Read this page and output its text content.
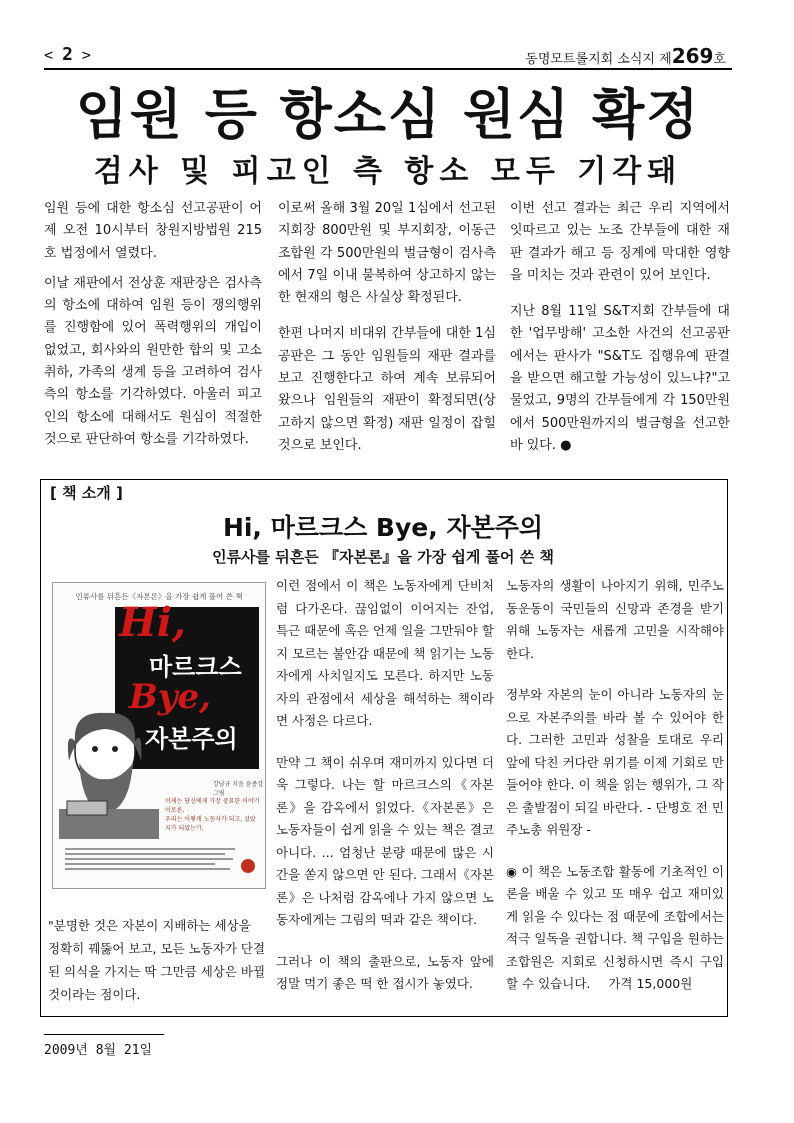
< 2 >	동명모트롤지회 소식지 제269호
임원 등 항소심 원심 확정
검사 및 피고인 측 항소 모두 기각돼

임원 등에 대한 항소심 선고공판이 어제 오전 10시부터 창원지방법원 215호 법정에서 열렸다.

이날 재판에서 전상훈 재판장은 검사측의 항소에 대하여 임원 등이 쟁의행위를 진행함에 있어 폭력행위의 개입이 없었고, 회사와의 원만한 합의 및 고소취하, 가족의 생계 등을 고려하여 검사측의 항소를 기각하였다. 아울러 피고인의 항소에 대해서도 원심이 적절한 것으로 판단하여 항소를 기각하였다.

이로써 올해 3월 20일 1심에서 선고된 지회장 800만원 및 부지회장, 이동근 조합원 각 500만원의 벌금형이 검사측에서 7일 이내 불복하여 상고하지 않는 한 현재의 형은 사실상 확정된다.

한편 나머지 비대위 간부들에 대한 1심 공판은 그 동안 임원들의 재판 결과를 보고 진행한다고 하여 계속 보류되어 왔으나 임원들의 재판이 확정되면(상고하지 않으면 확정) 재판 일정이 잡힐 것으로 보인다.

이번 선고 결과는 최근 우리 지역에서 잇따르고 있는 노조 간부들에 대한 재판 결과가 해고 등 징계에 막대한 영향을 미치는 것과 관련이 있어 보인다.

지난 8월 11일 S&T지회 간부들에 대한 '업무방해' 고소한 사건의 선고공판에서는 판사가 "S&T도 집행유예 판결을 받으면 해고할 가능성이 있느냐?"고 물었고, 9명의 간부들에게 각 150만원에서 500만원까지의 벌금형을 선고한 바 있다. ●

[ 책 소개 ]
Hi, 마르크스 Bye, 자본주의
인류사를 뒤흔든 『자본론』을 가장 쉽게 풀어 쓴 책
인류사를 뒤흔든《자본론》을 가장 쉽게 풀어 쓴 책
Hi,
마르크스
Bye,
자본주의
강남규 지음 윤종강 그림
이제는 당신에게 가장 중요한 이야기 이로론,
우리는 어떻게 노동자가 되고, 살았지가 되었는가.
"분명한 것은 자본이 지배하는 세상을 정확히 꿰뚫어 보고, 모든 노동자가 단결된 의식을 가지는 딱 그만큼 세상은 바뀔 것이라는 점이다.

이런 점에서 이 책은 노동자에게 단비처럼 다가온다. 끊임없이 이어지는 잔업, 특근 때문에 혹은 언제 일을 그만둬야 할지 모르는 불안감 때문에 책 읽기는 노동자에게 사치일지도 모른다. 하지만 노동자의 관점에서 세상을 해석하는 책이라면 사정은 다르다.

만약 그 책이 쉬우며 재미까지 있다면 더욱 그렇다. 나는 할 마르크스의《자본론》을 감옥에서 읽었다.《자본론》은 노동자들이 쉽게 읽을 수 있는 책은 결코 아니다. ... 엄청난 분량 때문에 많은 시간을 쏟지 않으면 안 된다. 그래서《자본론》은 나처럼 감옥에나 가지 않으면 노동자에게는 그림의 떡과 같은 책이다.

그러나 이 책의 출판으로, 노동자 앞에 정말 먹기 좋은 떡 한 접시가 놓였다.

노동자의 생활이 나아지기 위해, 민주노동운동이 국민들의 신망과 존경을 받기 위해 노동자는 새롭게 고민을 시작해야 한다.

정부와 자본의 눈이 아니라 노동자의 눈으로 자본주의를 바라 볼 수 있어야 한다. 그러한 고민과 성찰을 토대로 우리 앞에 닥친 커다란 위기를 이제 기회로 만들어야 한다. 이 책을 읽는 행위가, 그 작은 출발점이 되길 바란다. - 단병호 전 민주노총 위원장 -

◉ 이 책은 노동조합 활동에 기초적인 이론을 배울 수 있고 또 매우 쉽고 재미있게 읽을 수 있다는 점 때문에 조합에서는 적극 일독을 권합니다. 책 구입을 원하는 조합원은 지회로 신청하시면 즉시 구입할 수 있습니다. 가격 15,000원

2009년 8월 21일
